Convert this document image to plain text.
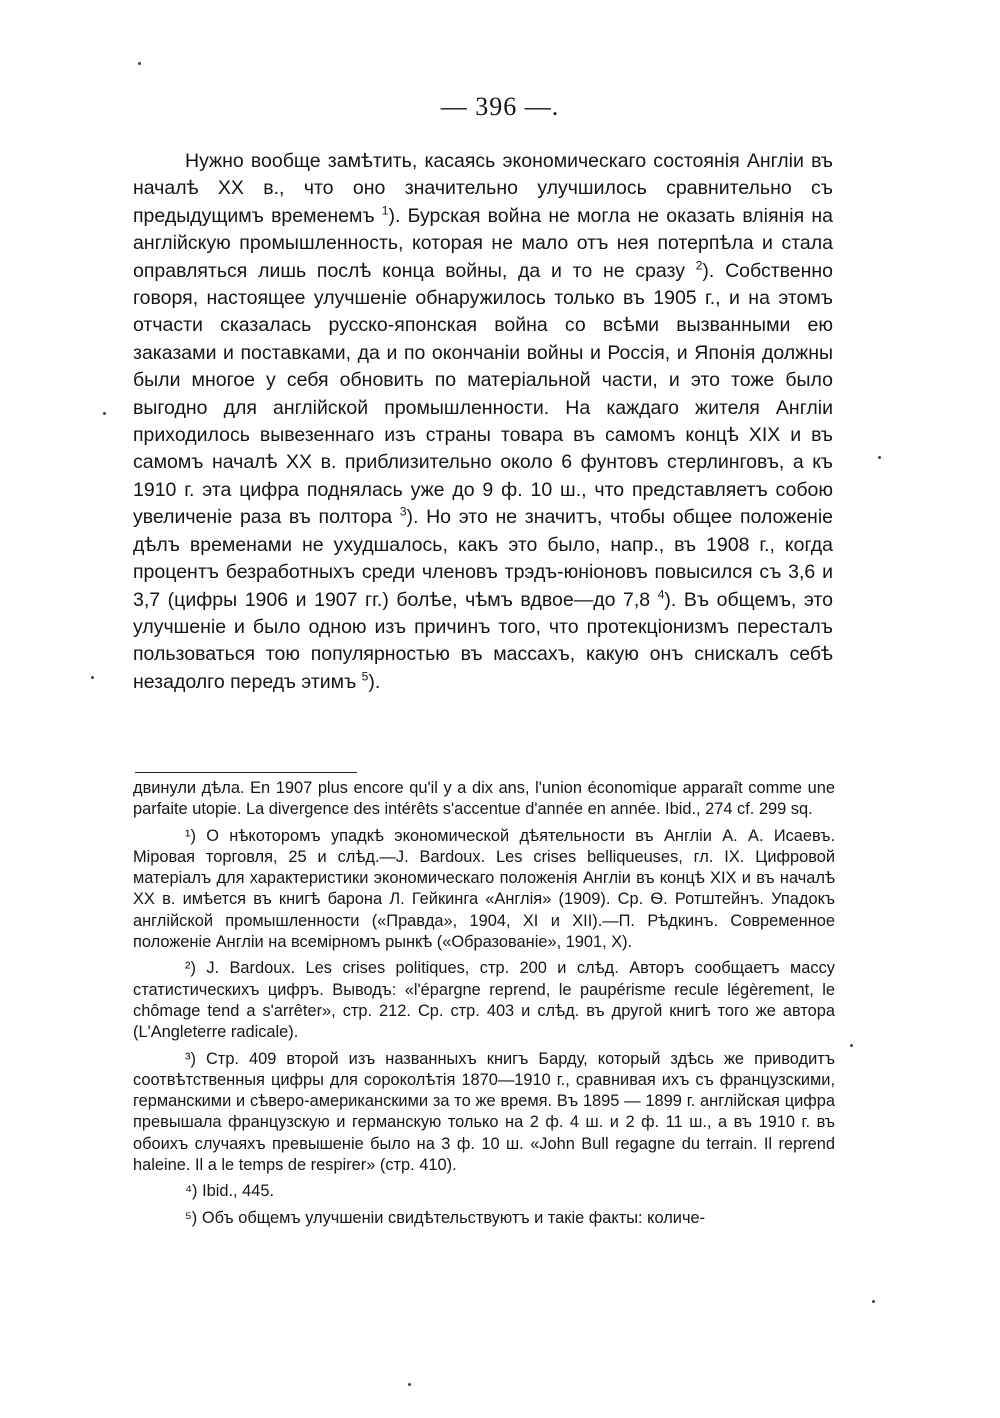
— 396 —.

Нужно вообще замѣтить, касаясь экономическаго состоянія Англіи въ началѣ XX в., что оно значительно улучшилось сравнительно съ предыдущимъ временемъ $^1$). Бурская война не могла не оказать вліянія на англійскую промышленность, которая не мало отъ нея потерпѣла и стала оправляться лишь послѣ конца войны, да и то не сразу $^2$). Собственно говоря, настоящее улучшеніе обнаружилось только въ 1905 г., и на этомъ отчасти сказалась русско-японская война со всѣми вызванными ею заказами и поставками, да и по окончаніи войны и Россія, и Японія должны были многое у себя обновить по матеріальной части, и это тоже было выгодно для англійской промышленности. На каждаго жителя Англіи приходилось вывезеннаго изъ страны товара въ самомъ концѣ XIX и въ самомъ началѣ XX в. приблизительно около 6 фунтовъ стерлинговъ, а къ 1910 г. эта цифра поднялась уже до 9 ф. 10 ш., что представляетъ собою увеличеніе раза въ полтора $^3$). Но это не значитъ, чтобы общее положеніе дѣлъ временами не ухудшалось, какъ это было, напр., въ 1908 г., когда процентъ безработныхъ среди членовъ трэдъ-юніоновъ повысился съ 3,6 и 3,7 (цифры 1906 и 1907 гг.) болѣе, чѣмъ вдвое—до 7,8 $^4$). Въ общемъ, это улучшеніе и было одною изъ причинъ того, что протекціонизмъ пересталъ пользоваться тою популярностью въ массахъ, какую онъ снискалъ себѣ незадолго передъ этимъ $^5$).

двинули дѣла. En 1907 plus encore qu'il y a dix ans, l'union économique apparaît comme une parfaite utopie. La divergence des intérêts s'accentue d'année en année. Ibid., 274 cf. 299 sq.

¹) О нѣкоторомъ упадкѣ экономической дѣятельности въ Англіи А. А. Исаевъ. Міровая торговля, 25 и слѣд.—J. Bardoux. Les crises belliqueuses, гл. IX. Цифровой матеріалъ для характеристики экономическаго положенія Англіи въ концѣ XIX и въ началѣ XX в. имѣется въ книгѣ барона Л. Гейкинга «Англія» (1909). Ср. Ѳ. Ротштейнъ. Упадокъ англійской промышленности («Правда», 1904, XI и XII).—П. Рѣдкинъ. Современное положеніе Англіи на всемірномъ рынкѣ («Образованіе», 1901, X).

²) J. Bardoux. Les crises politiques, стр. 200 и слѣд. Авторъ сообщаетъ массу статистическихъ цифръ. Выводъ: «l'épargne reprend, le paupérisme recule légèrement, le chômage tend a s'arrêter», стр. 212. Ср. стр. 403 и слѣд. въ другой книгѣ того же автора (L'Angleterre radicale).

³) Стр. 409 второй изъ названныхъ книгъ Барду, который здѣсь же приводитъ соотвѣтственныя цифры для сороколѣтія 1870—1910 г., сравнивая ихъ съ французскими, германскими и сѣверо-американскими за то же время. Въ 1895 — 1899 г. англійская цифра превышала французскую и германскую только на 2 ф. 4 ш. и 2 ф. 11 ш., а въ 1910 г. въ обоихъ случаяхъ превышеніе было на 3 ф. 10 ш. «John Bull regagne du terrain. Il reprend haleine. Il a le temps de respirer» (стр. 410).

⁴) Ibid., 445.

⁵) Объ общемъ улучшеніи свидѣтельствуютъ и такіе факты: количе-
